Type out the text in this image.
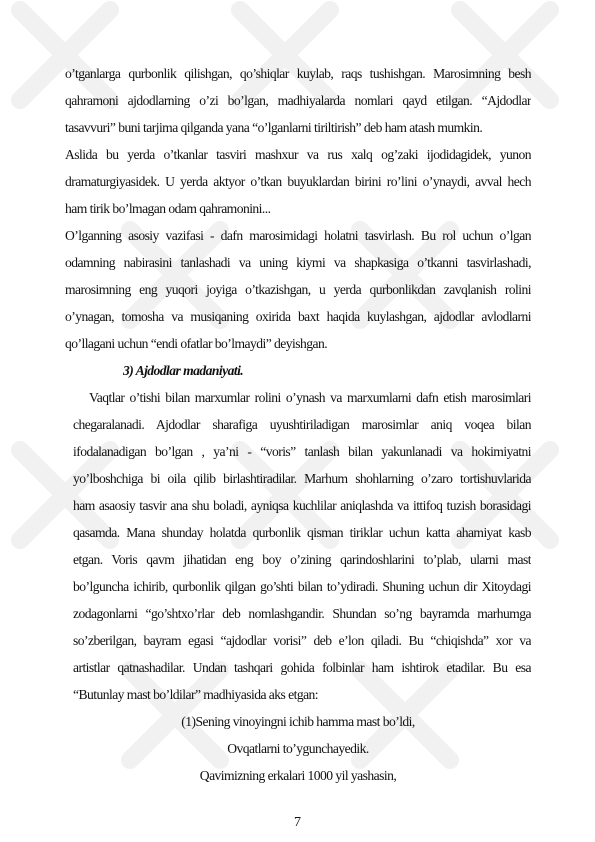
o’tganlarga qurbonlik qilishgan, qo’shiqlar kuylab, raqs tushishgan. Marosimning besh
qahramoni ajdodlarning o’zi bo’lgan, madhiyalarda nomlari qayd etilgan. “Ajdodlar
tasavvuri” buni tarjima qilganda yana “o’lganlarni tiriltirish” deb ham atash mumkin.
Aslida bu yerda o’tkanlar tasviri mashxur va rus xalq og’zaki ijodidagidek, yunon
dramaturgiyasidek. U yerda aktyor o’tkan buyuklardan birini ro’lini o’ynaydi, avval hech
ham tirik bo’lmagan odam qahramonini...
O’lganning asosiy vazifasi - dafn marosimidagi holatni tasvirlash. Bu rol uchun o’lgan
odamning nabirasini tanlashadi va uning kiymi va shapkasiga o’tkanni tasvirlashadi,
marosimning eng yuqori joyiga o’tkazishgan, u yerda qurbonlikdan zavqlanish rolini
o’ynagan, tomosha va musiqaning oxirida baxt haqida kuylashgan, ajdodlar avlodlarni
qo’llagani uchun “endi ofatlar bo’lmaydi” deyishgan.
3) Ajdodlar madaniyati.
Vaqtlar o’tishi bilan marxumlar rolini o’ynash va marxumlarni dafn etish marosimlari
chegaralanadi. Ajdodlar sharafiga uyushtiriladigan marosimlar aniq voqea bilan
ifodalanadigan bo’lgan , ya’ni - “voris” tanlash bilan yakunlanadi va hokimiyatni
yo’lboshchiga bi oila qilib birlashtiradilar. Marhum shohlarning o’zaro tortishuvlarida
ham asaosiy tasvir ana shu boladi, ayniqsa kuchlilar aniqlashda va ittifoq tuzish borasidagi
qasamda. Mana shunday holatda qurbonlik qisman tiriklar uchun katta ahamiyat kasb
etgan. Voris qavm jihatidan eng boy o’zining qarindoshlarini to’plab, ularni mast
bo’lguncha ichirib, qurbonlik qilgan go’shti bilan to’ydiradi. Shuning uchun dir Xitoydagi
zodagonlarni “go’shtxo’rlar deb nomlashgandir. Shundan so’ng bayramda marhumga
so’zberilgan, bayram egasi “ajdodlar vorisi” deb e’lon qiladi. Bu “chiqishda” xor va
artistlar qatnashadilar. Undan tashqari gohida folbinlar ham ishtirok etadilar. Bu esa
“Butunlay mast bo’ldilar” madhiyasida aks etgan:
(1)Sening vinoyingni ichib hamma mast bo’ldi,
Ovqatlarni to’ygunchayedik.
Qavimizning erkalari 1000 yil yashasin,
7
